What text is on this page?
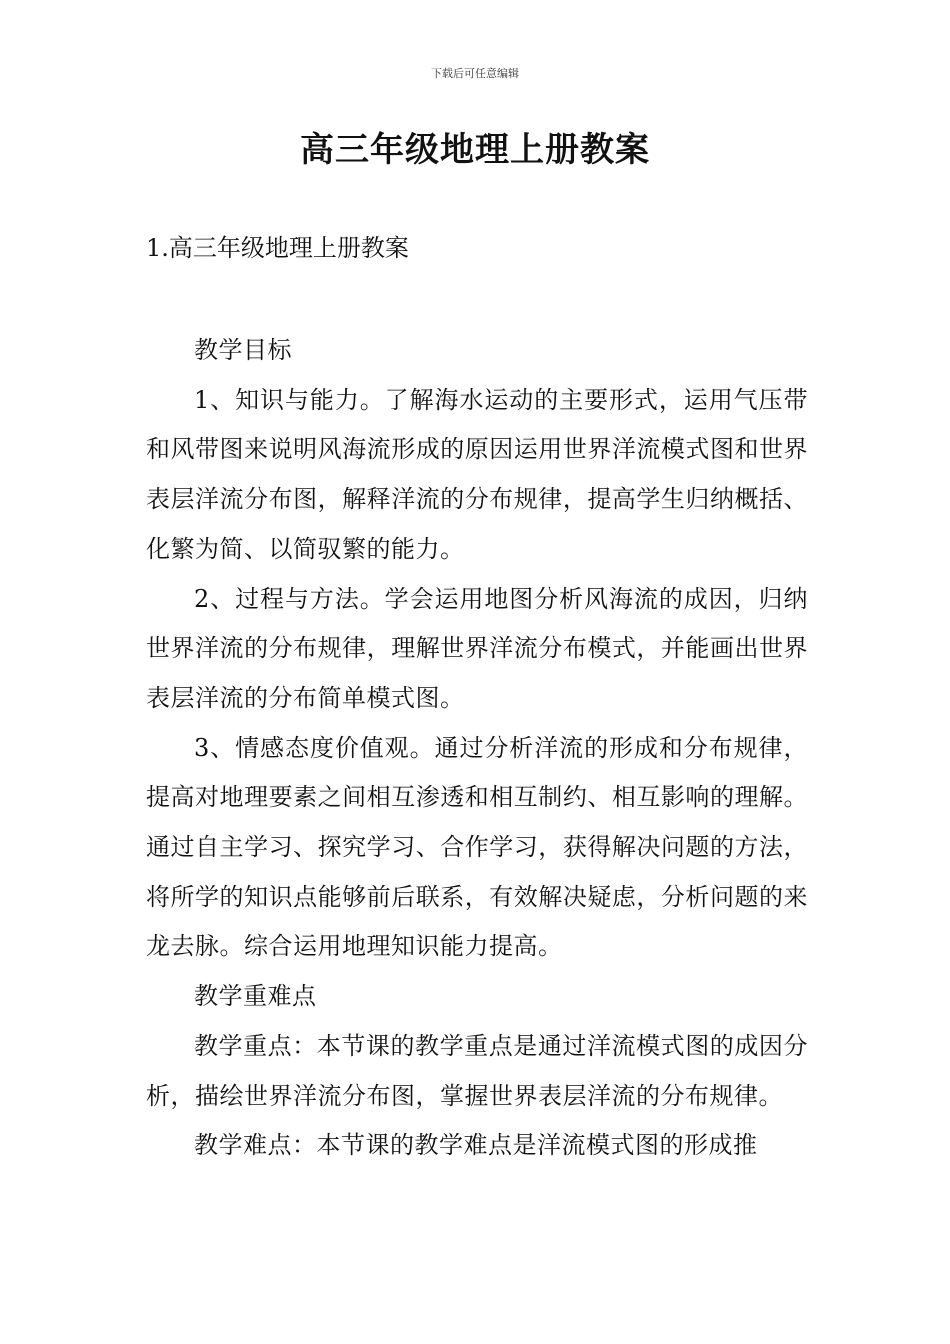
下载后可任意编辑
高三年级地理上册教案
1.高三年级地理上册教案

教学目标

1、知识与能力。了解海水运动的主要形式，运用气压带和风带图来说明风海流形成的原因运用世界洋流模式图和世界表层洋流分布图，解释洋流的分布规律，提高学生归纳概括、化繁为简、以简驭繁的能力。

2、过程与方法。学会运用地图分析风海流的成因，归纳世界洋流的分布规律，理解世界洋流分布模式，并能画出世界表层洋流的分布简单模式图。

3、情感态度价值观。通过分析洋流的形成和分布规律，提高对地理要素之间相互渗透和相互制约、相互影响的理解。通过自主学习、探究学习、合作学习，获得解决问题的方法，将所学的知识点能够前后联系，有效解决疑虑，分析问题的来龙去脉。综合运用地理知识能力提高。

教学重难点

教学重点：本节课的教学重点是通过洋流模式图的成因分析，描绘世界洋流分布图，掌握世界表层洋流的分布规律。

教学难点：本节课的教学难点是洋流模式图的形成推
